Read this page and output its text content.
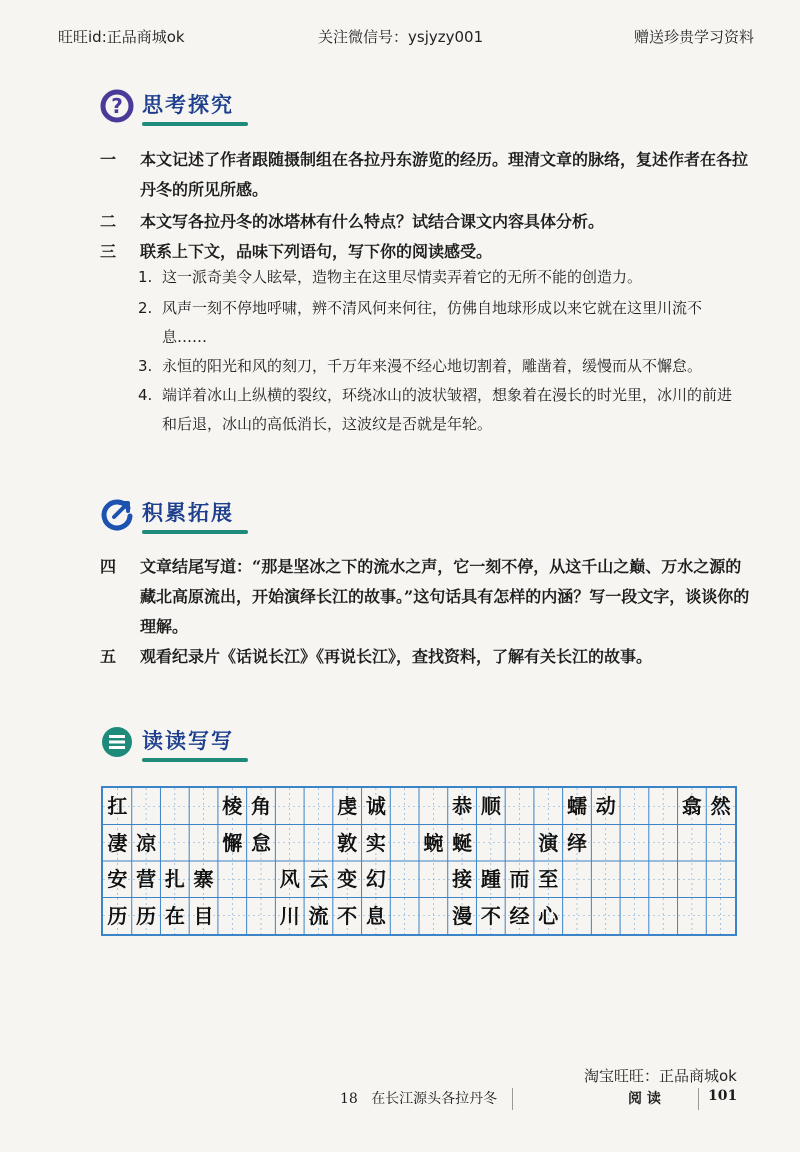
旺旺id:正品商城ok	关注微信号：ysjyzy001	赠送珍贵学习资料
? 思考探究
一 本文记述了作者跟随摄制组在各拉丹东游览的经历。理清文章的脉络，复述作者在各拉丹冬的所见所感。
二 本文写各拉丹冬的冰塔林有什么特点？试结合课文内容具体分析。
三 联系上下文，品味下列语句，写下你的阅读感受。
1. 这一派奇美令人眩晕，造物主在这里尽情卖弄着它的无所不能的创造力。
2. 风声一刻不停地呼啸，辨不清风何来何往，仿佛自地球形成以来它就在这里川流不息……
3. 永恒的阳光和风的刻刀，千万年来漫不经心地切割着，雕凿着，缓慢而从不懈怠。
4. 端详着冰山上纵横的裂纹，环绕冰山的波状皱褶，想象着在漫长的时光里，冰川的前进和后退，冰山的高低消长，这波纹是否就是年轮。
积累拓展
四 文章结尾写道：“那是坚冰之下的流水之声，它一刻不停，从这千山之巅、万水之源的藏北高原流出，开始演绎长江的故事。”这句话具有怎样的内涵？写一段文字，谈谈你的理解。
五 观看纪录片《话说长江》《再说长江》，查找资料，了解有关长江的故事。
读读写写
扛	棱 角	虔 诚	恭 顺	蠕 动	翕 然
凄 凉	懈 怠	敦 实	蜿 蜒	演 绎
安 营 扎 寨	风 云 变 幻	接 踵 而 至
历 历 在 目	川 流 不 息	漫 不 经 心
淘宝旺旺：正品商城ok
18 在长江源头各拉丹冬	阅 读	101
